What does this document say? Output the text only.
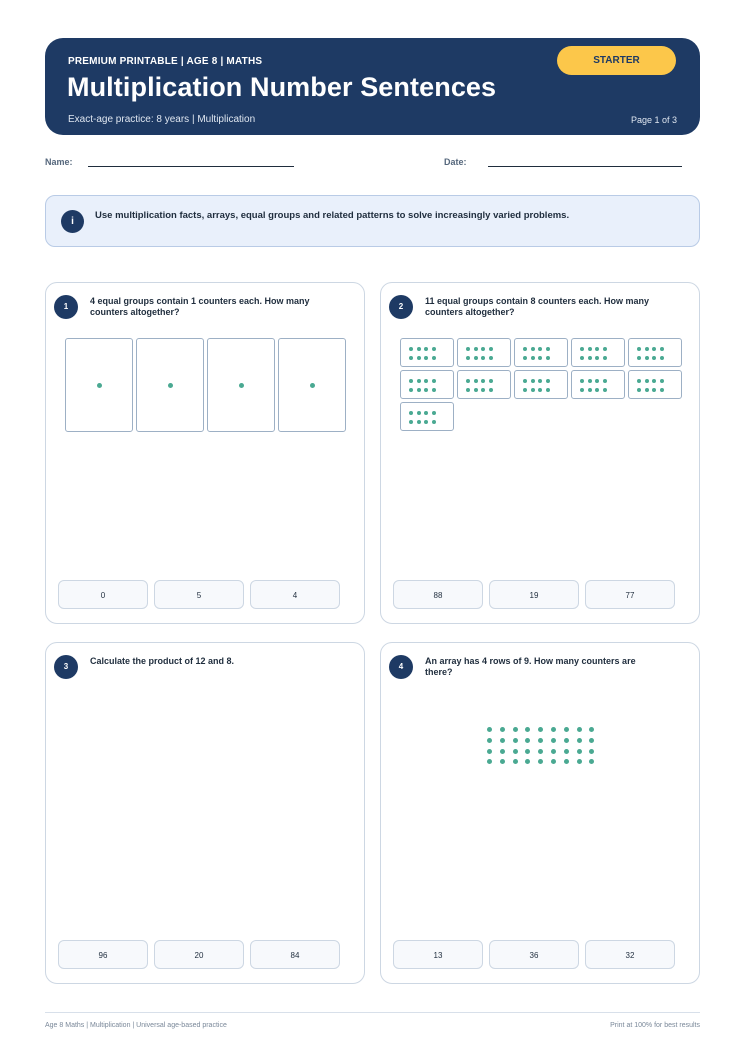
PREMIUM PRINTABLE | AGE 8 | MATHS
Multiplication Number Sentences
Exact-age practice: 8 years | Multiplication	Page 1 of 3
STARTER
Name:	Date:
i
Use multiplication facts, arrays, equal groups and related patterns to solve increasingly varied problems.
1
4 equal groups contain 1 counters each. How many counters altogether?
0	5	4
2
11 equal groups contain 8 counters each. How many counters altogether?
88	19	77
3
Calculate the product of 12 and 8.
96	20	84
4
An array has 4 rows of 9. How many counters are there?
13	36	32
Age 8 Maths | Multiplication | Universal age-based practice	Print at 100% for best results
